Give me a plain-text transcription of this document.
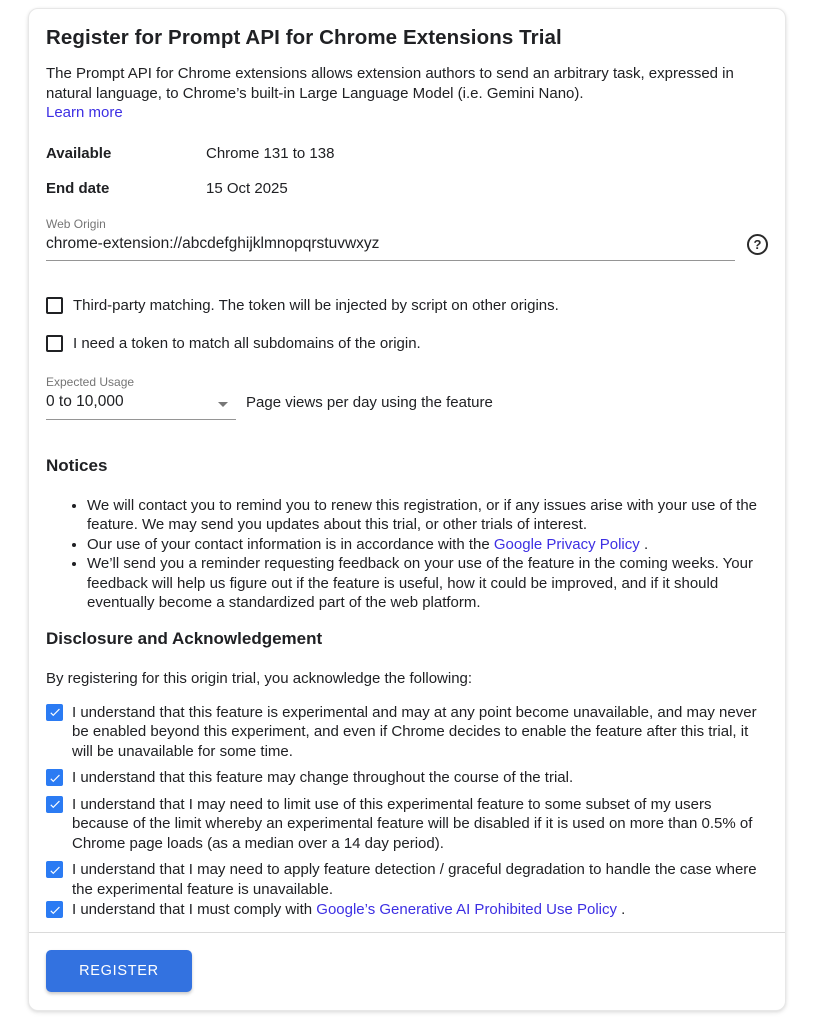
Register for Prompt API for Chrome Extensions Trial
The Prompt API for Chrome extensions allows extension authors to send an arbitrary task, expressed in natural language, to Chrome’s built-in Large Language Model (i.e. Gemini Nano).
Learn more
Available	Chrome 131 to 138
End date	15 Oct 2025
Web Origin
chrome-extension://abcdefghijklmnopqrstuvwxyz
?
Third-party matching. The token will be injected by script on other origins.
I need a token to match all subdomains of the origin.
Expected Usage
0 to 10,000	Page views per day using the feature
Notices
• We will contact you to remind you to renew this registration, or if any issues arise with your use of the feature. We may send you updates about this trial, or other trials of interest.
• Our use of your contact information is in accordance with the Google Privacy Policy .
• We’ll send you a reminder requesting feedback on your use of the feature in the coming weeks. Your feedback will help us figure out if the feature is useful, how it could be improved, and if it should eventually become a standardized part of the web platform.
Disclosure and Acknowledgement
By registering for this origin trial, you acknowledge the following:
I understand that this feature is experimental and may at any point become unavailable, and may never be enabled beyond this experiment, and even if Chrome decides to enable the feature after this trial, it will be unavailable for some time.
I understand that this feature may change throughout the course of the trial.
I understand that I may need to limit use of this experimental feature to some subset of my users because of the limit whereby an experimental feature will be disabled if it is used on more than 0.5% of Chrome page loads (as a median over a 14 day period).
I understand that I may need to apply feature detection / graceful degradation to handle the case where the experimental feature is unavailable.
I understand that I must comply with Google’s Generative AI Prohibited Use Policy .
REGISTER
